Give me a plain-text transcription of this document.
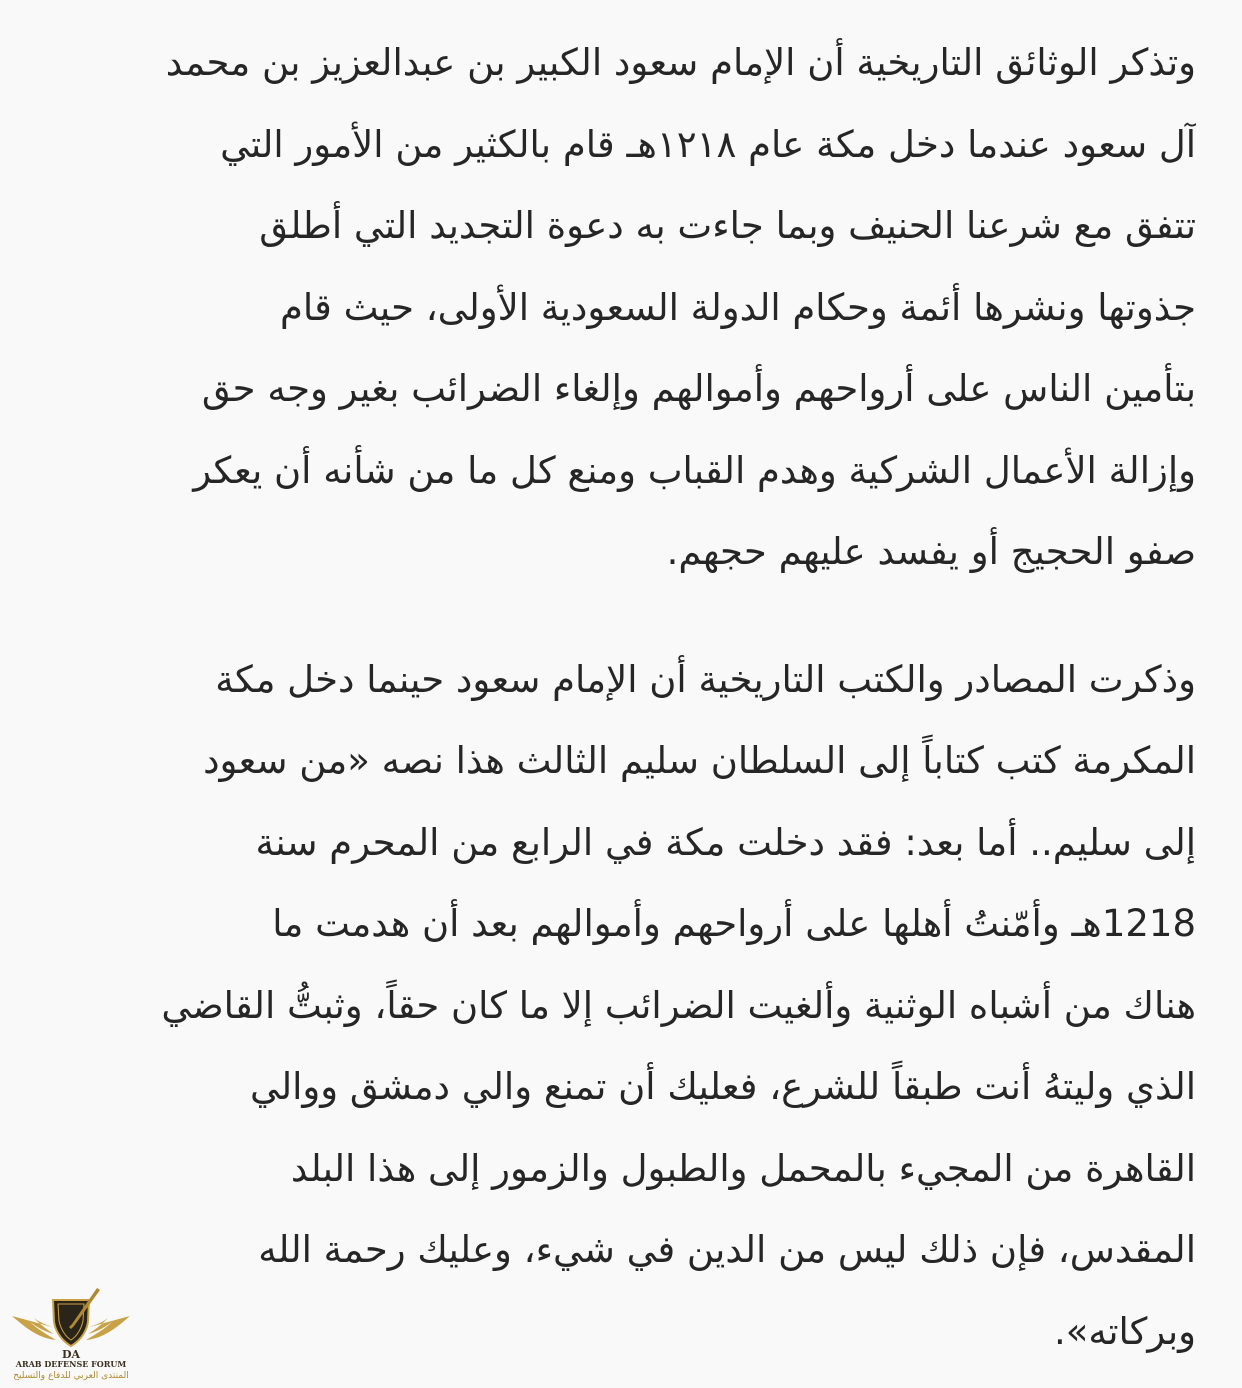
وتذكر الوثائق التاريخية أن الإمام سعود الكبير بن عبدالعزيز بن محمد
آل سعود عندما دخل مكة عام ١٢١٨هـ قام بالكثير من الأمور التي
تتفق مع شرعنا الحنيف وبما جاءت به دعوة التجديد التي أطلق
جذوتها ونشرها أئمة وحكام الدولة السعودية الأولى، حيث قام
بتأمين الناس على أرواحهم وأموالهم وإلغاء الضرائب بغير وجه حق
وإزالة الأعمال الشركية وهدم القباب ومنع كل ما من شأنه أن يعكر
صفو الحجيج أو يفسد عليهم حجهم.
وذكرت المصادر والكتب التاريخية أن الإمام سعود حينما دخل مكة
المكرمة كتب كتاباً إلى السلطان سليم الثالث هذا نصه «من سعود
إلى سليم.. أما بعد: فقد دخلت مكة في الرابع من المحرم سنة
1218هـ وأمّنتُ أهلها على أرواحهم وأموالهم بعد أن هدمت ما
هناك من أشباه الوثنية وألغيت الضرائب إلا ما كان حقاً، وثبتُّ القاضي
الذي وليتهُ أنت طبقاً للشرع، فعليك أن تمنع والي دمشق ووالي
القاهرة من المجيء بالمحمل والطبول والزمور إلى هذا البلد
المقدس، فإن ذلك ليس من الدين في شيء، وعليك رحمة الله
وبركاته».
DA
ARAB DEFENSE FORUM
المنتدى العربي للدفاع والتسليح
